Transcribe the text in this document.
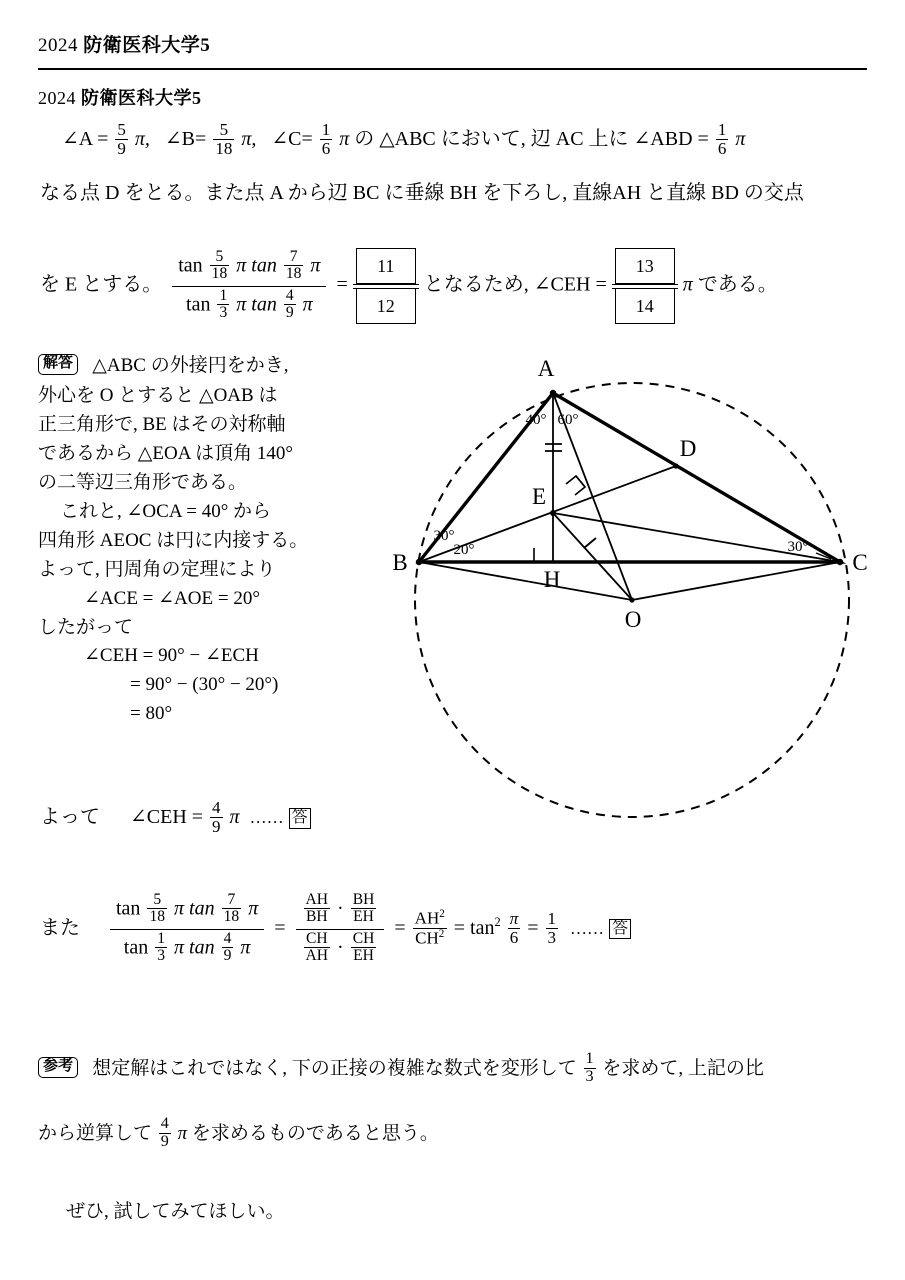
2024 防衛医科大学5
2024 防衛医科大学5
∠A = $\frac{5}{9} \pi$, ∠B= $\frac{5}{18} \pi$, ∠C= $\frac{1}{6}$ π の △ABC において, 辺 AC 上に ∠ABD = $\frac{1}{6}$ π
なる点 D をとる。また点 A から辺 BC に垂線 BH を下ろし, 直線AH と直線 BD の交点
を E とする。
$\tan \frac{5}{18}$ π $\tan \frac{7}{18}$ π
$\tan \frac{1}{3}$ π $\tan \frac{4}{9}$ π
= $\frac{11}{12}$ となるため, ∠CEH = $\frac{13}{14}$ π である。
解答 △ABC の外接円をかき,
外心を O とすると △OAB は
正三角形で, BE はその対称軸
であるから △EOA は頂角 140°
の二等辺三角形である。
これと, ∠OCA = 40° から
四角形 AEOC は円に内接する。
よって, 円周角の定理により
∠ACE = ∠AOE = 20°
したがって
∠CEH = 90° − ∠ECH
= 90° − (30° − 20°)
= 80°
よって ∠CEH = $\frac{4}{9}$ π …… 答
A
B	C
D
E
H
O
40° 60°
30°
20°	30°
また
$\tan \frac{5}{18}$ π $\tan \frac{7}{18}$ π
$\tan \frac{1}{3}$ π $\tan \frac{4}{9}$ π
=
$\frac{AH}{BH} \cdot \frac{BH}{EH}$
$\frac{CH}{AH} \cdot \frac{CH}{EH}$
= $\frac{AH^2}{CH^2} = \tan^2 \frac{\pi}{6} = \frac{1}{3}$ …… 答
参考 想定解はこれではなく, 下の正接の複雑な数式を変形して $\frac{1}{3}$ を求めて, 上記の比
から逆算して $\frac{4}{9}$ π を求めるものであると思う。
ぜひ, 試してみてほしい。
